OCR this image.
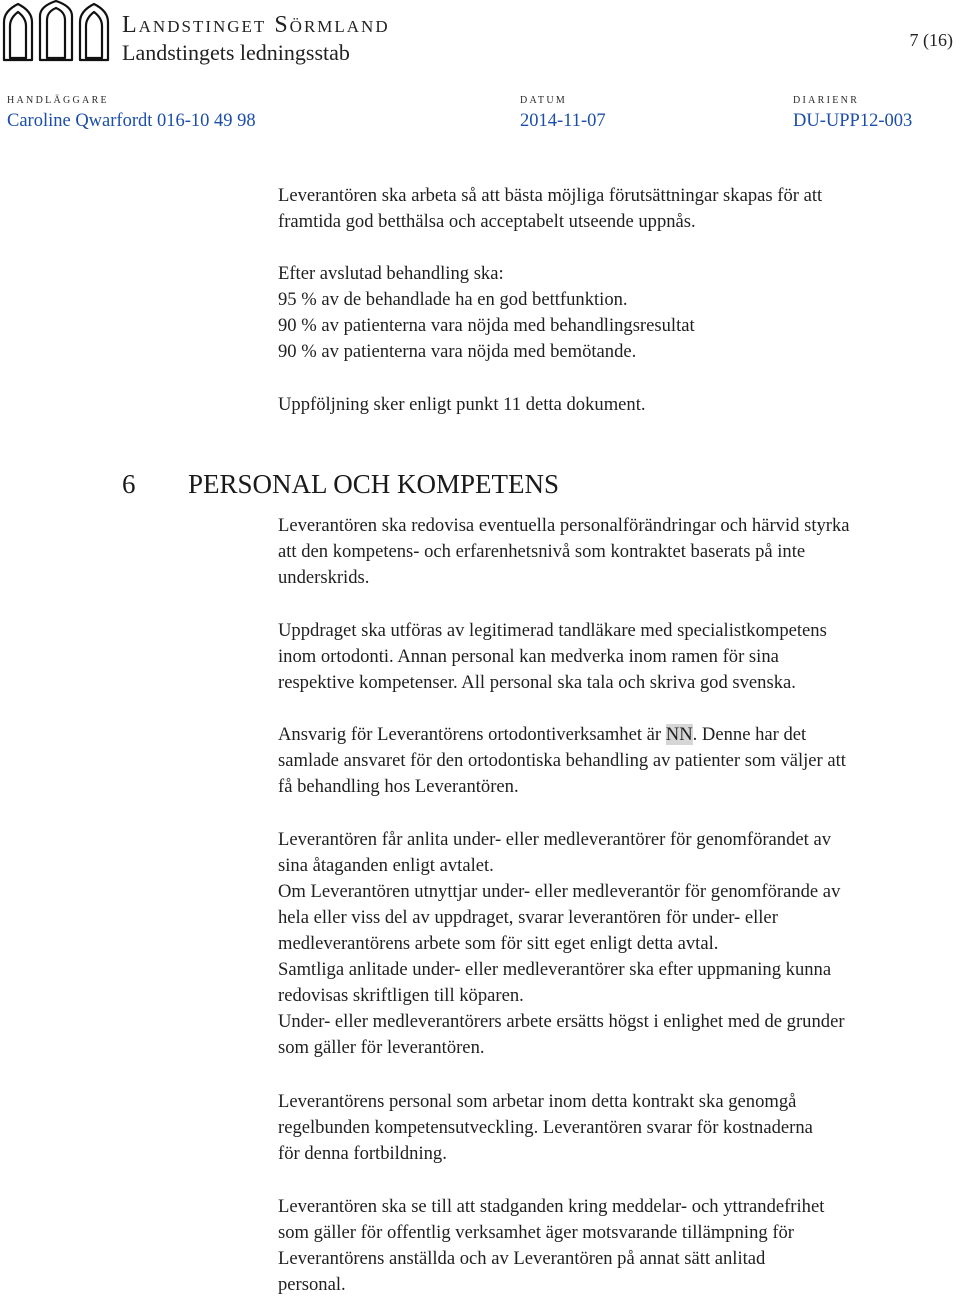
Landstinget Sörmland
Landstingets ledningsstab	7 (16)
HANDLÄGGARE
Caroline Qwarfordt 016-10 49 98
DATUM
2014-11-07
DIARIENR
DU-UPP12-003
Leverantören ska arbeta så att bästa möjliga förutsättningar skapas för att
framtida god betthälsa och acceptabelt utseende uppnås.
Efter avslutad behandling ska:
95 % av de behandlade ha en god bettfunktion.
90 % av patienterna vara nöjda med behandlingsresultat
90 % av patienterna vara nöjda med bemötande.
Uppföljning sker enligt punkt 11 detta dokument.
6 PERSONAL OCH KOMPETENS
Leverantören ska redovisa eventuella personalförändringar och härvid styrka
att den kompetens- och erfarenhetsnivå som kontraktet baserats på inte
underskrids.
Uppdraget ska utföras av legitimerad tandläkare med specialistkompetens
inom ortodonti. Annan personal kan medverka inom ramen för sina
respektive kompetenser. All personal ska tala och skriva god svenska.
Ansvarig för Leverantörens ortodontiverksamhet är NN. Denne har det
samlade ansvaret för den ortodontiska behandling av patienter som väljer att
få behandling hos Leverantören.
Leverantören får anlita under- eller medleverantörer för genomförandet av
sina åtaganden enligt avtalet.
Om Leverantören utnyttjar under- eller medleverantör för genomförande av
hela eller viss del av uppdraget, svarar leverantören för under- eller
medleverantörens arbete som för sitt eget enligt detta avtal.
Samtliga anlitade under- eller medleverantörer ska efter uppmaning kunna
redovisas skriftligen till köparen.
Under- eller medleverantörers arbete ersätts högst i enlighet med de grunder
som gäller för leverantören.
Leverantörens personal som arbetar inom detta kontrakt ska genomgå
regelbunden kompetensutveckling. Leverantören svarar för kostnaderna
för denna fortbildning.
Leverantören ska se till att stadganden kring meddelar- och yttrandefrihet
som gäller för offentlig verksamhet äger motsvarande tillämpning för
Leverantörens anställda och av Leverantören på annat sätt anlitad
personal.
